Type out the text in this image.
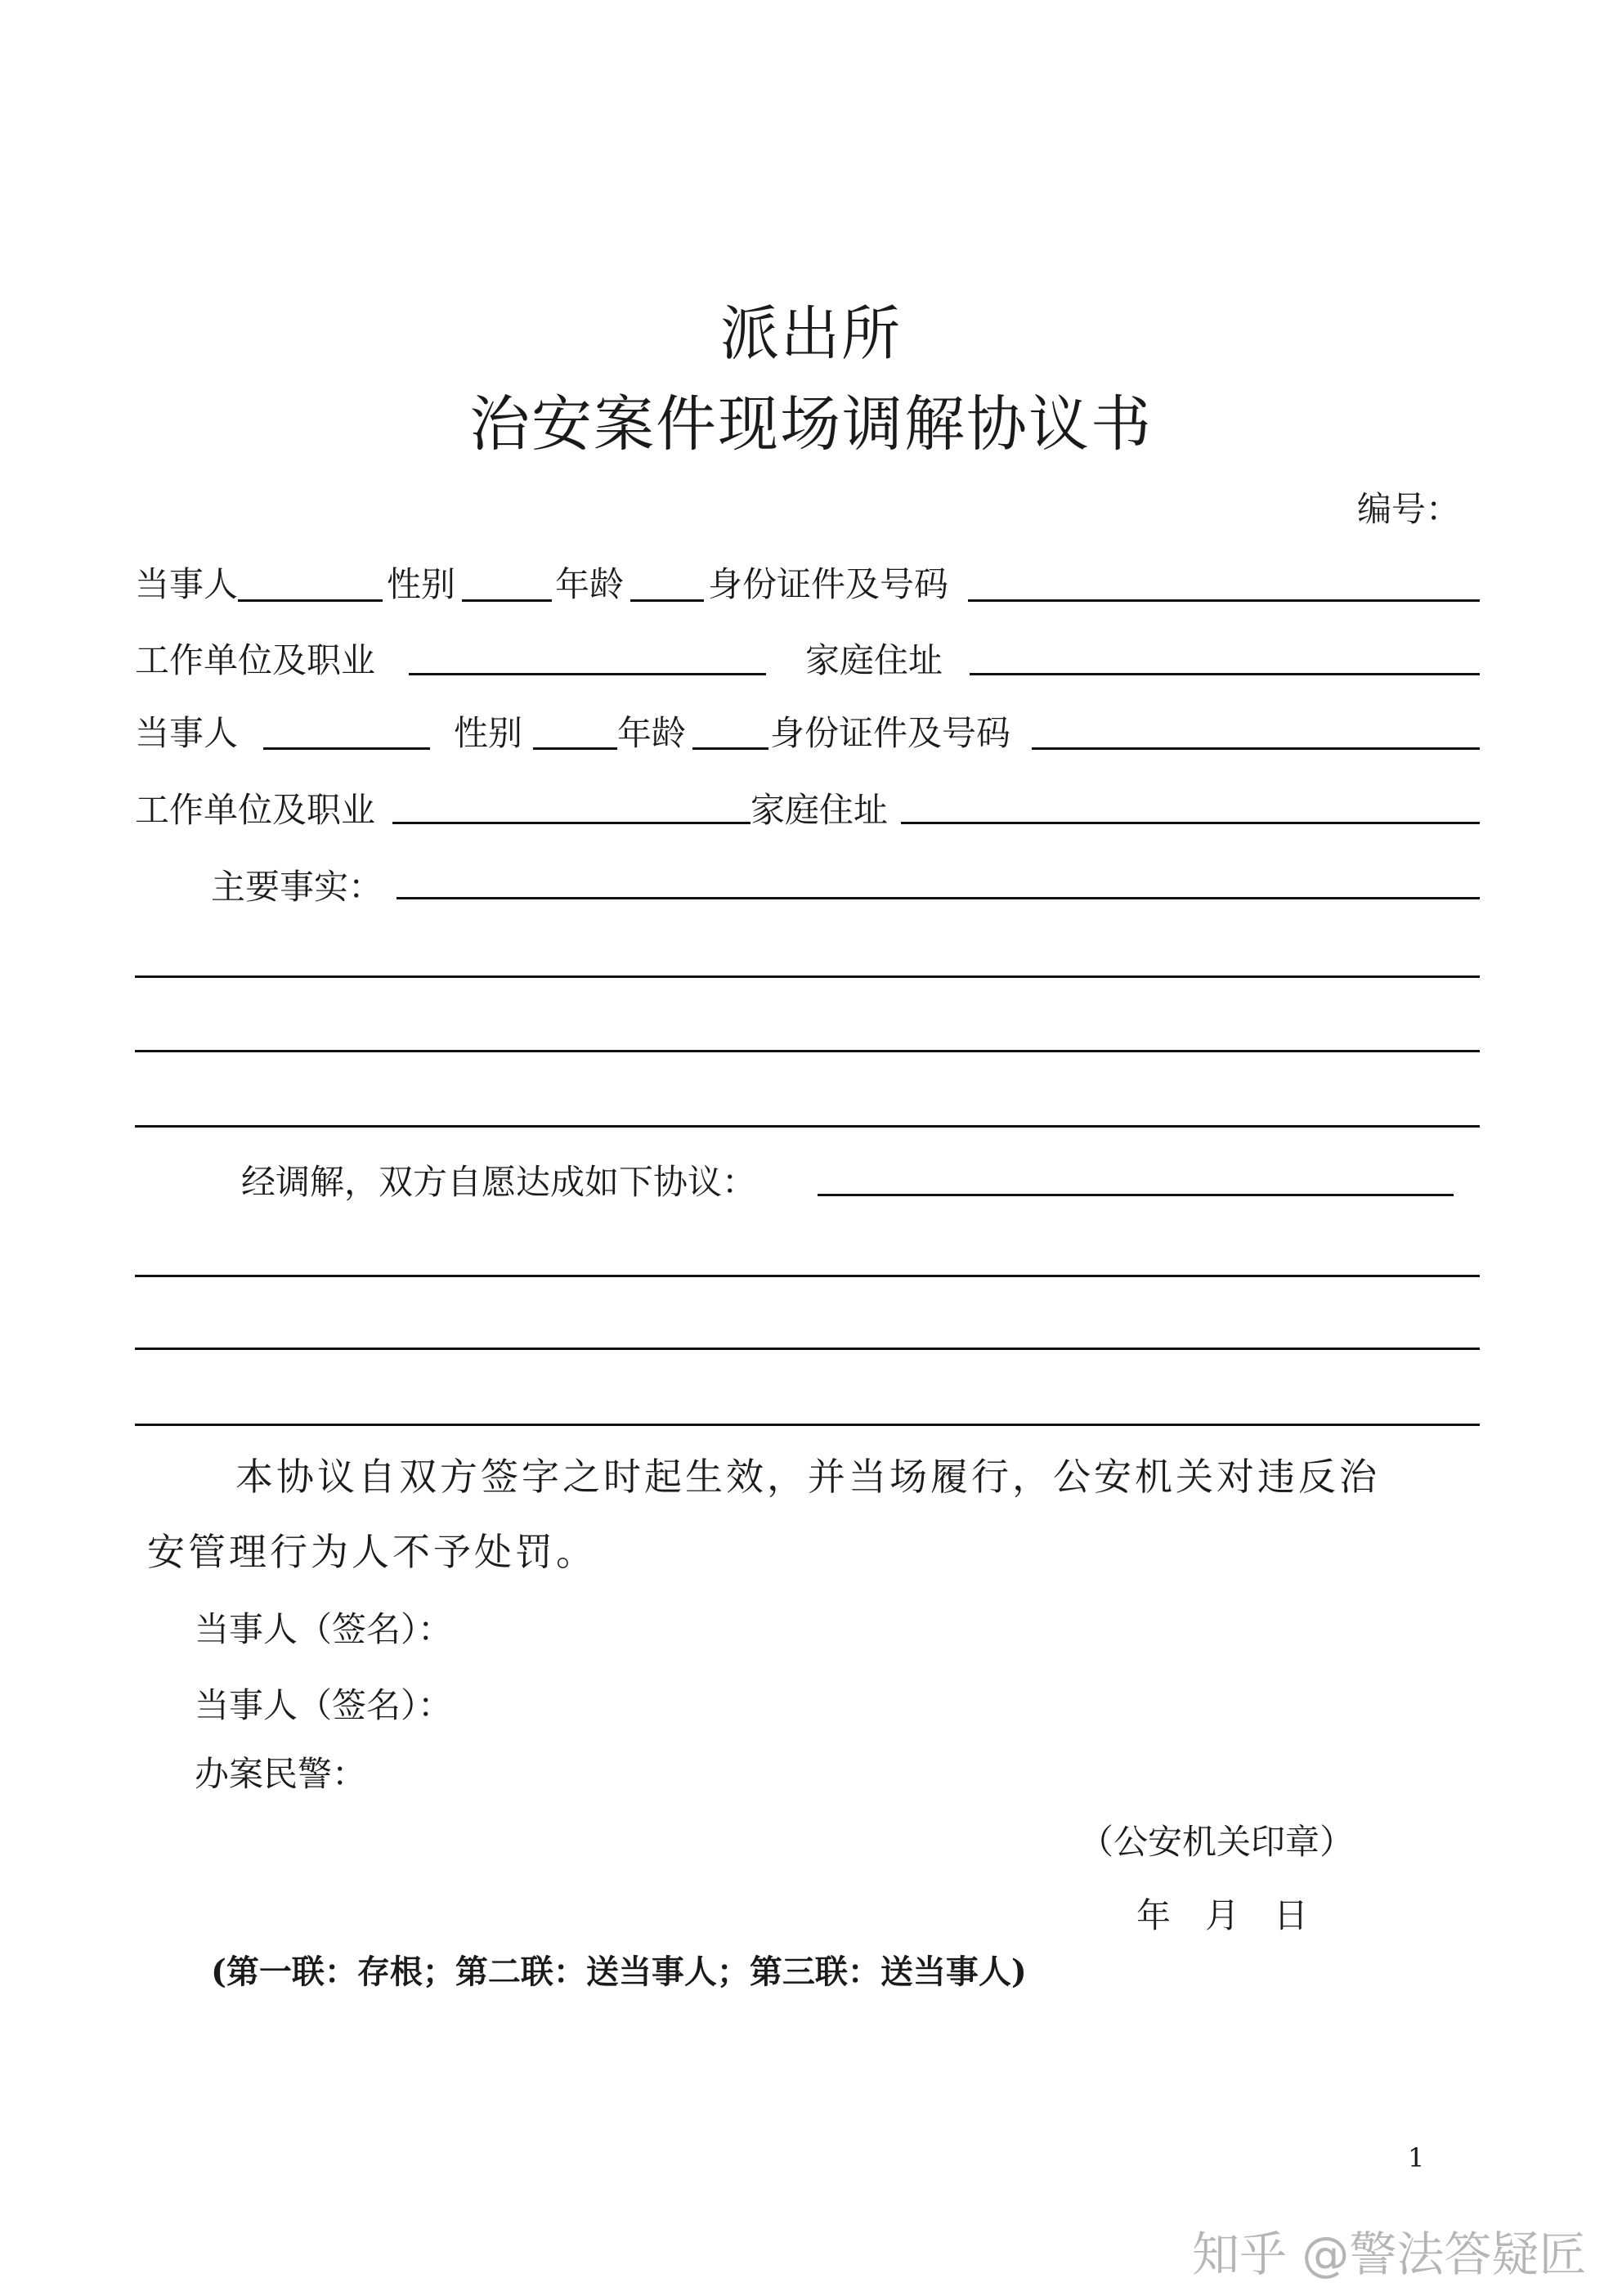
派出所
治安案件现场调解协议书
编号：
当事人	性别	年龄 身份证件及号码
工作单位及职业	家庭住址
当事人	性别	年龄 身份证件及号码
工作单位及职业	家庭住址
主要事实：
经调解，双方自愿达成如下协议：
本协议自双方签字之时起生效，并当场履行，公安机关对违反治
安管理行为人不予处罚。
当事人（签名）：
当事人（签名）：
办案民警：
（公安机关印章）
年　月　日
(第一联：存根；第二联：送当事人；第三联：送当事人)
1
知乎 @警法答疑匠
